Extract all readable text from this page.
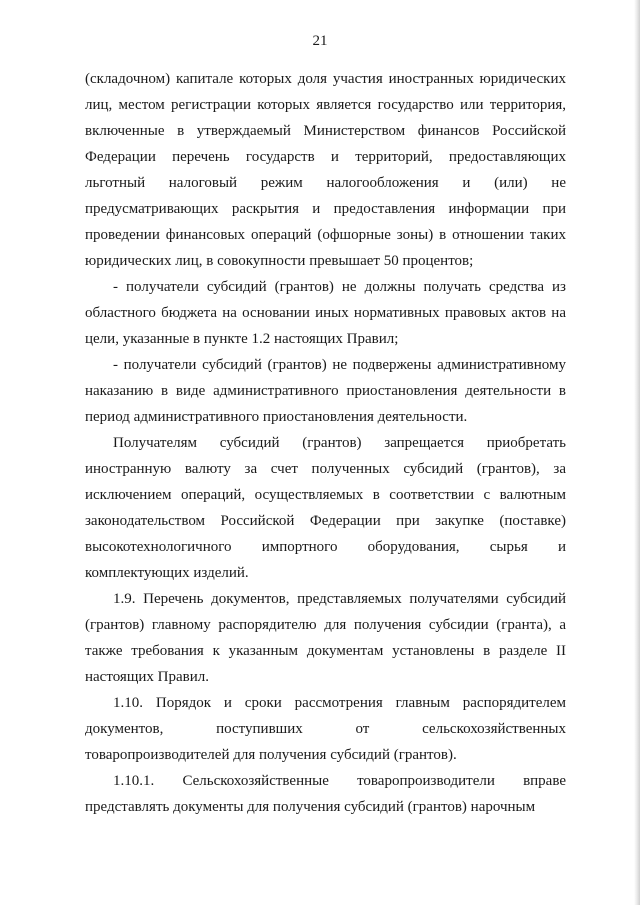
21

(складочном) капитале которых доля участия иностранных юридических лиц, местом регистрации которых является государство или территория, включенные в утверждаемый Министерством финансов Российской Федерации перечень государств и территорий, предоставляющих льготный налоговый режим налогообложения и (или) не предусматривающих раскрытия и предоставления информации при проведении финансовых операций (офшорные зоны) в отношении таких юридических лиц, в совокупности превышает 50 процентов;

- получатели субсидий (грантов) не должны получать средства из областного бюджета на основании иных нормативных правовых актов на цели, указанные в пункте 1.2 настоящих Правил;

- получатели субсидий (грантов) не подвержены административному наказанию в виде административного приостановления деятельности в период административного приостановления деятельности.

Получателям субсидий (грантов) запрещается приобретать иностранную валюту за счет полученных субсидий (грантов), за исключением операций, осуществляемых в соответствии с валютным законодательством Российской Федерации при закупке (поставке) высокотехнологичного импортного оборудования, сырья и комплектующих изделий.

1.9. Перечень документов, представляемых получателями субсидий (грантов) главному распорядителю для получения субсидии (гранта), а также требования к указанным документам установлены в разделе II настоящих Правил.

1.10. Порядок и сроки рассмотрения главным распорядителем документов, поступивших от сельскохозяйственных товаропроизводителей для получения субсидий (грантов).

1.10.1. Сельскохозяйственные товаропроизводители вправе представлять документы для получения субсидий (грантов) нарочным
